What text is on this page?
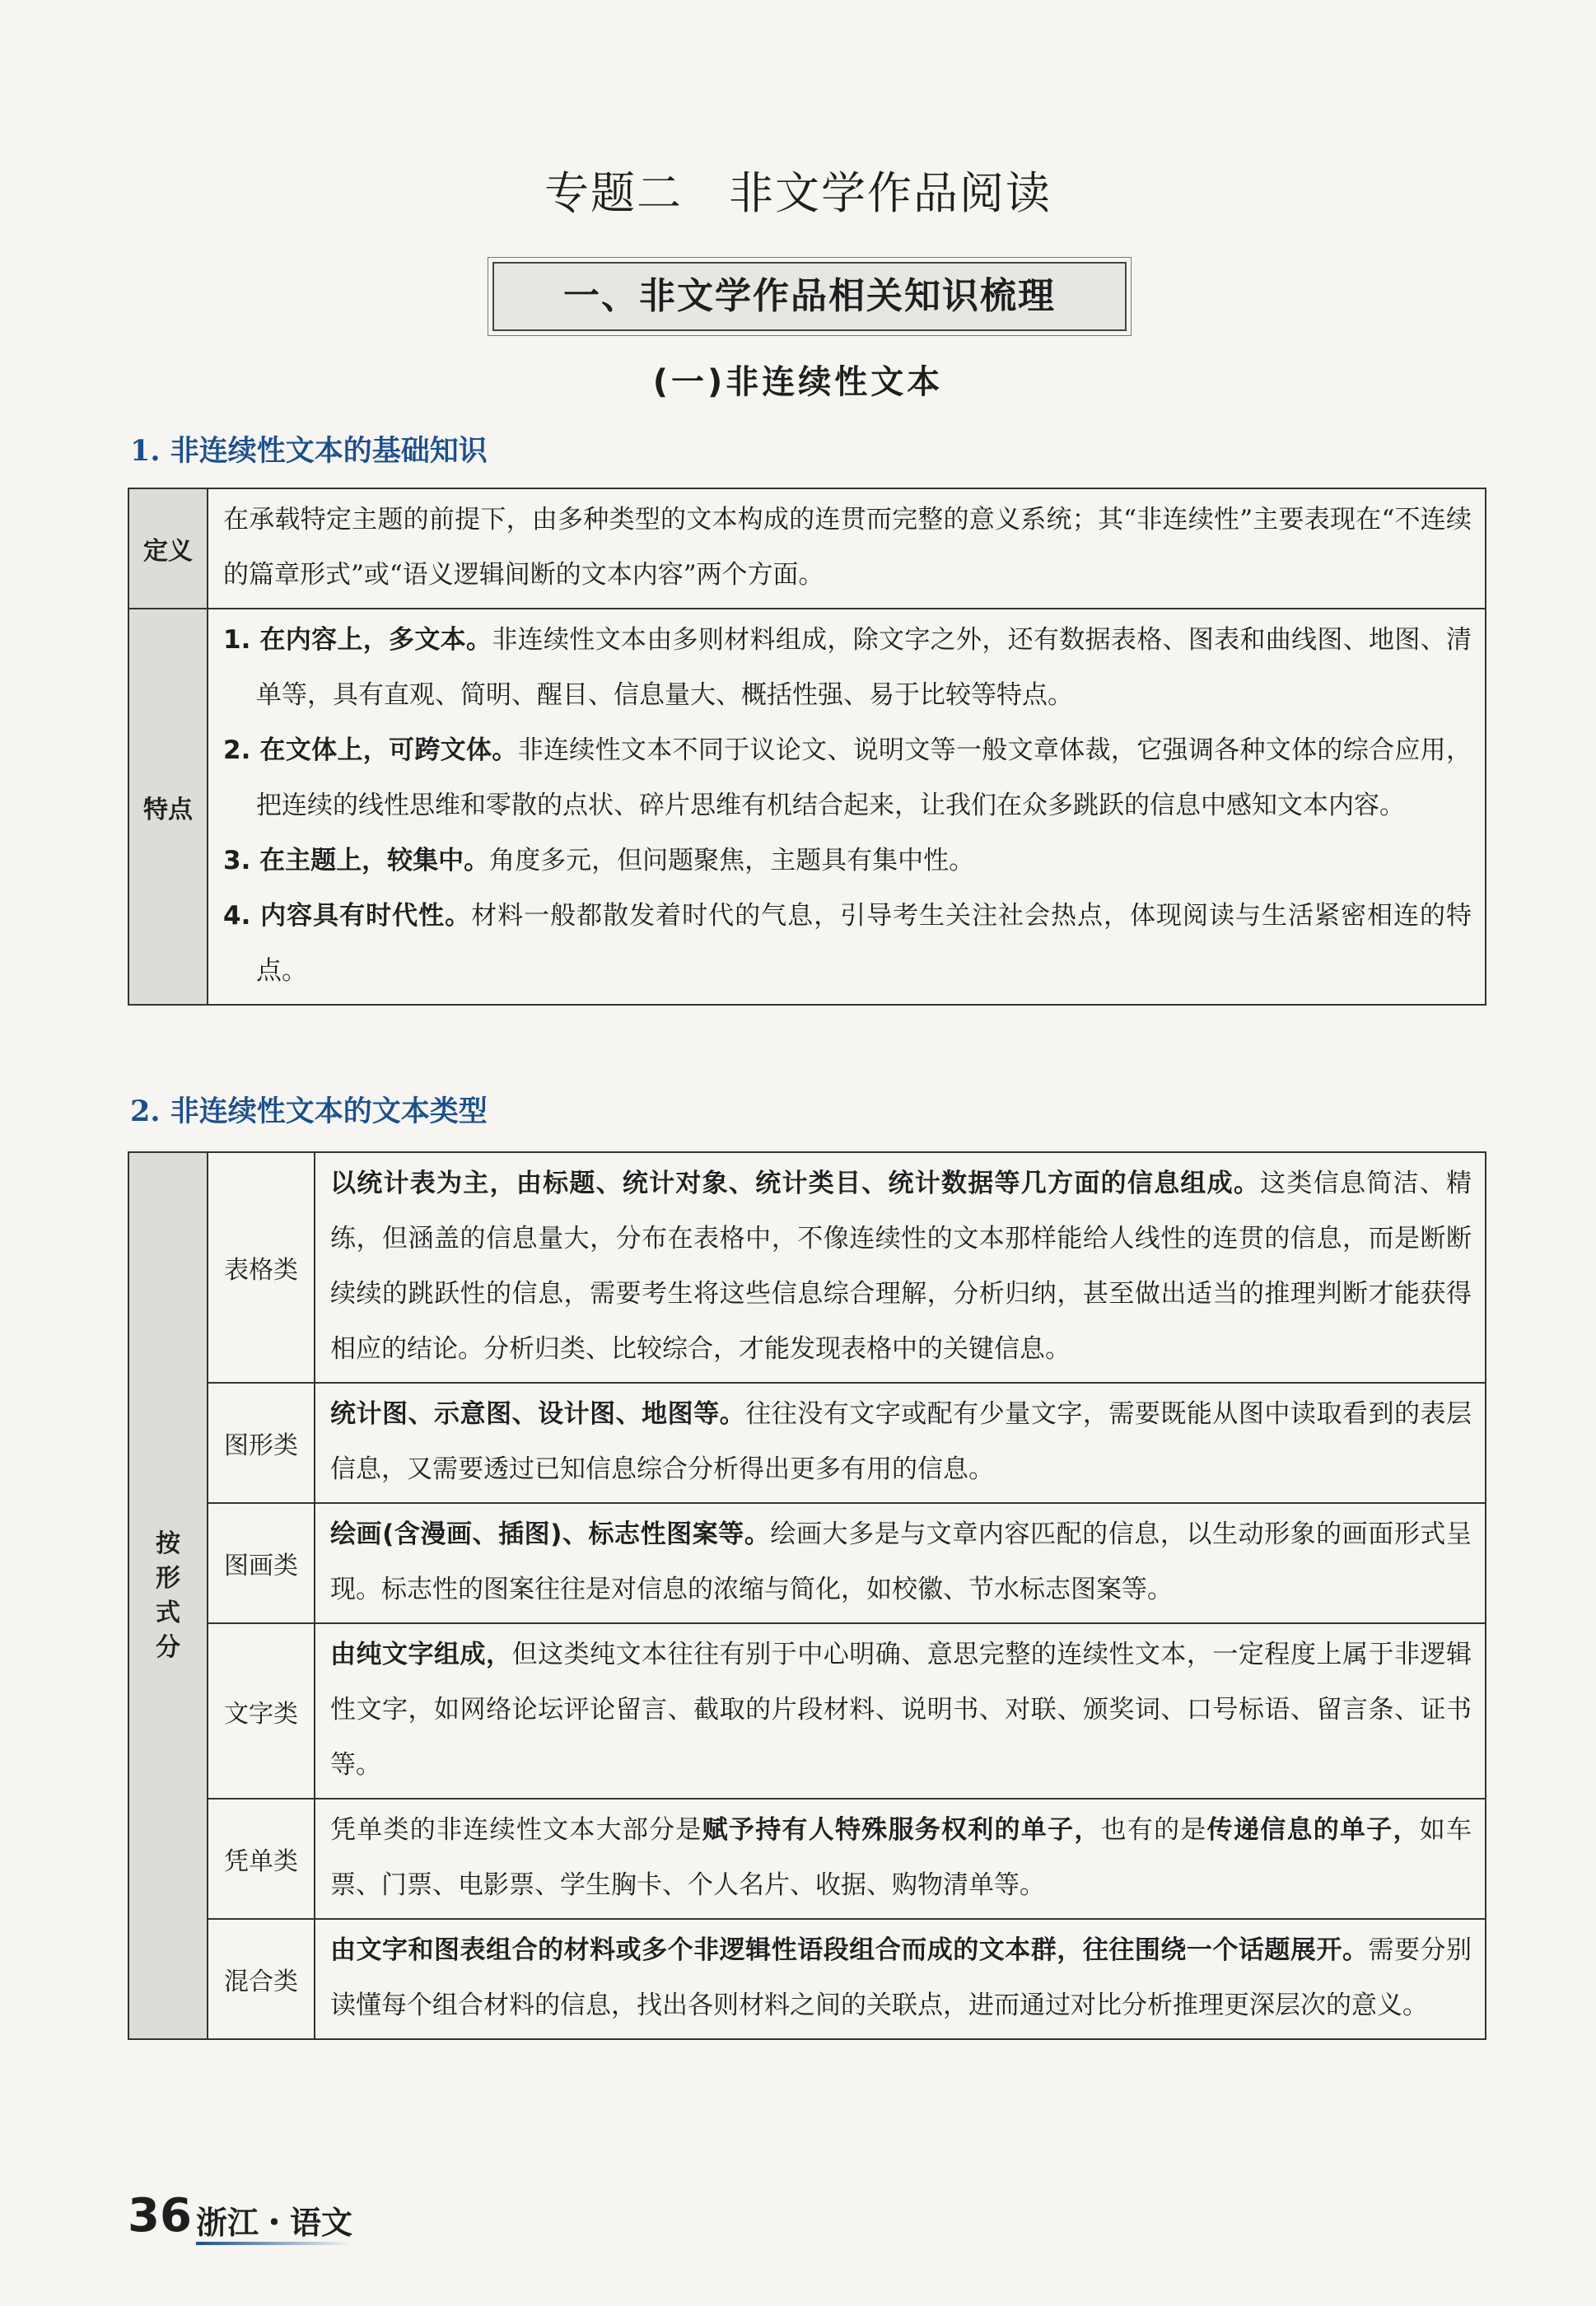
专题二　非文学作品阅读
一、非文学作品相关知识梳理
(一)非连续性文本
1. 非连续性文本的基础知识
定义	在承载特定主题的前提下，由多种类型的文本构成的连贯而完整的意义系统；其“非连续性”主要表现在“不连续的篇章形式”或“语义逻辑间断的文本内容”两个方面。
特点	1. 在内容上，多文本。非连续性文本由多则材料组成，除文字之外，还有数据表格、图表和曲线图、地图、清单等，具有直观、简明、醒目、信息量大、概括性强、易于比较等特点。
2. 在文体上，可跨文体。非连续性文本不同于议论文、说明文等一般文章体裁，它强调各种文体的综合应用，把连续的线性思维和零散的点状、碎片思维有机结合起来，让我们在众多跳跃的信息中感知文本内容。
3. 在主题上，较集中。角度多元，但问题聚焦，主题具有集中性。
4. 内容具有时代性。材料一般都散发着时代的气息，引导考生关注社会热点，体现阅读与生活紧密相连的特点。
2. 非连续性文本的文本类型
按形式分	表格类	以统计表为主，由标题、统计对象、统计类目、统计数据等几方面的信息组成。这类信息简洁、精练，但涵盖的信息量大，分布在表格中，不像连续性的文本那样能给人线性的连贯的信息，而是断断续续的跳跃性的信息，需要考生将这些信息综合理解，分析归纳，甚至做出适当的推理判断才能获得相应的结论。分析归类、比较综合，才能发现表格中的关键信息。
	图形类	统计图、示意图、设计图、地图等。往往没有文字或配有少量文字，需要既能从图中读取看到的表层信息，又需要透过已知信息综合分析得出更多有用的信息。
	图画类	绘画(含漫画、插图)、标志性图案等。绘画大多是与文章内容匹配的信息，以生动形象的画面形式呈现。标志性的图案往往是对信息的浓缩与简化，如校徽、节水标志图案等。
	文字类	由纯文字组成，但这类纯文本往往有别于中心明确、意思完整的连续性文本，一定程度上属于非逻辑性文字，如网络论坛评论留言、截取的片段材料、说明书、对联、颁奖词、口号标语、留言条、证书等。
	凭单类	凭单类的非连续性文本大部分是赋予持有人特殊服务权利的单子，也有的是传递信息的单子，如车票、门票、电影票、学生胸卡、个人名片、收据、购物清单等。
	混合类	由文字和图表组合的材料或多个非逻辑性语段组合而成的文本群，往往围绕一个话题展开。需要分别读懂每个组合材料的信息，找出各则材料之间的关联点，进而通过对比分析推理更深层次的意义。
36 浙江・语文
